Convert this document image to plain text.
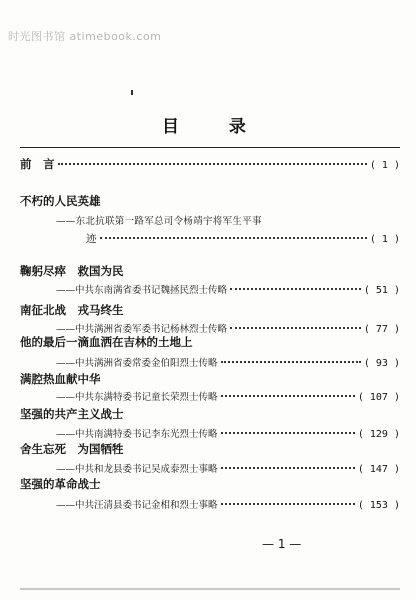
时光图书馆 atimebook.com
目 录
前　言	( 1 )
不朽的人民英雄
——东北抗联第一路军总司令杨靖宇将军生平事
迹	( 1 )
鞠躬尽瘁　救国为民
——中共东南满省委书记魏拯民烈士传略	( 51 )
南征北战　戎马终生
——中共满洲省委军委书记杨林烈士传略	( 77 )
他的最后一滴血洒在吉林的土地上
——中共满洲省委常委金伯阳烈士传略	( 93 )
满腔热血献中华
——中共东满特委书记童长荣烈士传略	( 107 )
坚强的共产主义战士
——中共南满特委书记李东光烈士传略	( 129 )
舍生忘死　为国牺牲
——中共和龙县委书记吴成泰烈士事略	( 147 )
坚强的革命战士
——中共汪清县委书记金相和烈士事略	( 153 )
— 1 —
